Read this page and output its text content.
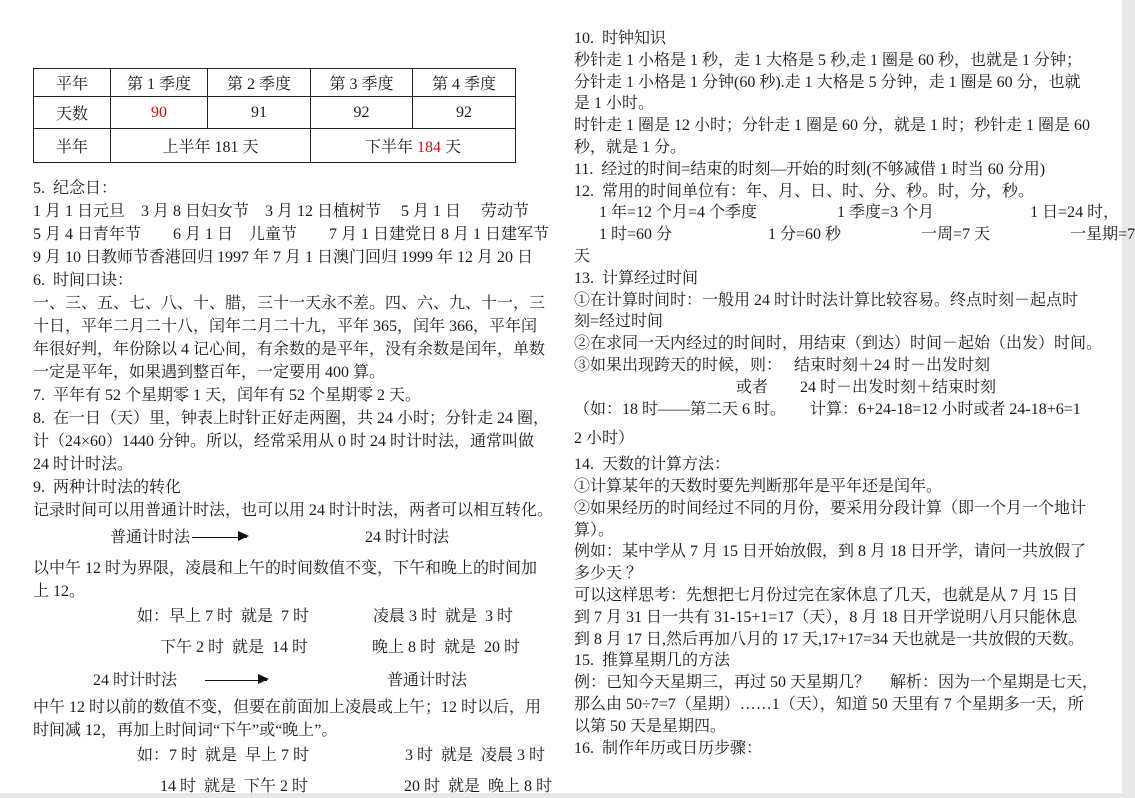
平年	第 1 季度	第 2 季度	第 3 季度	第 4 季度
天数	90	91	92	92
半年	上半年 181 天		下半年 184 天	
5.  纪念日：
1 月 1 日元旦　3 月 8 日妇女节　3 月 12 日植树节　 5 月 1 日　 劳动节
5 月 4 日青年节　　6 月 1 日　儿童节　　7 月 1 日建党日 8 月 1 日建军节
9 月 10 日教师节香港回归 1997 年 7 月 1 日澳门回归 1999 年 12 月 20 日
6.  时间口诀：
一、三、五、七、八、十、腊，三十一天永不差。四、六、九、十一，三
十日，平年二月二十八，闰年二月二十九，平年 365，闰年 366，平年闰
年很好判，年份除以 4 记心间，有余数的是平年，没有余数是闰年，单数
一定是平年，如果遇到整百年，一定要用 400 算。
7.  平年有 52 个星期零 1 天，闰年有 52 个星期零 2 天。
8.  在一日（天）里，钟表上时针正好走两圈，共 24 小时；分针走 24 圈，
计（24×60）1440 分钟。所以，经常采用从 0 时 24 时计时法，通常叫做
24 时计时法。
9.  两种计时法的转化
记录时间可以用普通计时法，也可以用 24 时计时法，两者可以相互转化。
普通计时法	24 时计时法
以中午 12 时为界限，凌晨和上午的时间数值不变，下午和晚上的时间加
上 12。
如：早上 7 时  就是  7 时　　　　凌晨 3 时  就是  3 时
下午 2 时  就是  14 时　　　　晚上 8 时  就是  20 时
24 时计时法	普通计时法
中午 12 时以前的数值不变，但要在前面加上凌晨或上午；12 时以后，用
时间减 12，再加上时间词“下午”或“晚上”。
如：7 时  就是  早上 7 时　　　　　　3 时  就是  凌晨 3 时
14 时  就是  下午 2 时　　　　　　20 时  就是  晚上 8 时
10.  时钟知识
秒针走 1 小格是 1 秒，走 1 大格是 5 秒,走 1 圈是 60 秒，也就是 1 分钟；
分针走 1 小格是 1 分钟(60 秒).走 1 大格是 5 分钟，走 1 圈是 60 分，也就
是 1 小时。
时针走 1 圈是 12 小时；分针走 1 圈是 60 分，就是 1 时；秒针走 1 圈是 60
秒，就是 1 分。
11.  经过的时间=结束的时刻—开始的时刻(不够减借 1 时当 60 分用)
12.  常用的时间单位有：年、月、日、时、分、秒。时，分，秒。
1 年=12 个月=4 个季度　　　　　1 季度=3 个月　　　　　　1 日=24 时，
1 时=60 分　　　　　　1 分=60 秒　　　　　一周=7 天　　　　　一星期=7
天
13.  计算经过时间
①在计算时间时：一般用 24 时计时法计算比较容易。终点时刻－起点时
刻=经过时间
②在求同一天内经过的时间时，用结束（到达）时间－起始（出发）时间。
③如果出现跨天的时候，则：　 结束时刻＋24 时－出发时刻
或者　　24 时－出发时刻＋结束时刻
（如：18 时——第二天 6 时。　　计算：6+24-18=12 小时或者 24-18+6=1
2 小时）
14.  天数的计算方法：
①计算某年的天数时要先判断那年是平年还是闰年。
②如果经历的时间经过不同的月份，要采用分段计算（即一个月一个地计
算）。
例如：某中学从 7 月 15 日开始放假，到 8 月 18 日开学，请问一共放假了
多少天 ？
可以这样思考：先想把七月份过完在家休息了几天，也就是从 7 月 15 日
到 7 月 31 日一共有 31-15+1=17（天），8 月 18 日开学说明八月只能休息
到 8 月 17 日,然后再加八月的 17 天,17+17=34 天也就是一共放假的天数。
15.  推算星期几的方法
例：已知今天星期三，再过 50 天星期几？　 解析：因为一个星期是七天，
那么由 50÷7=7（星期）……1（天），知道 50 天里有 7 个星期多一天，所
以第 50 天是星期四。
16.  制作年历或日历步骤：
